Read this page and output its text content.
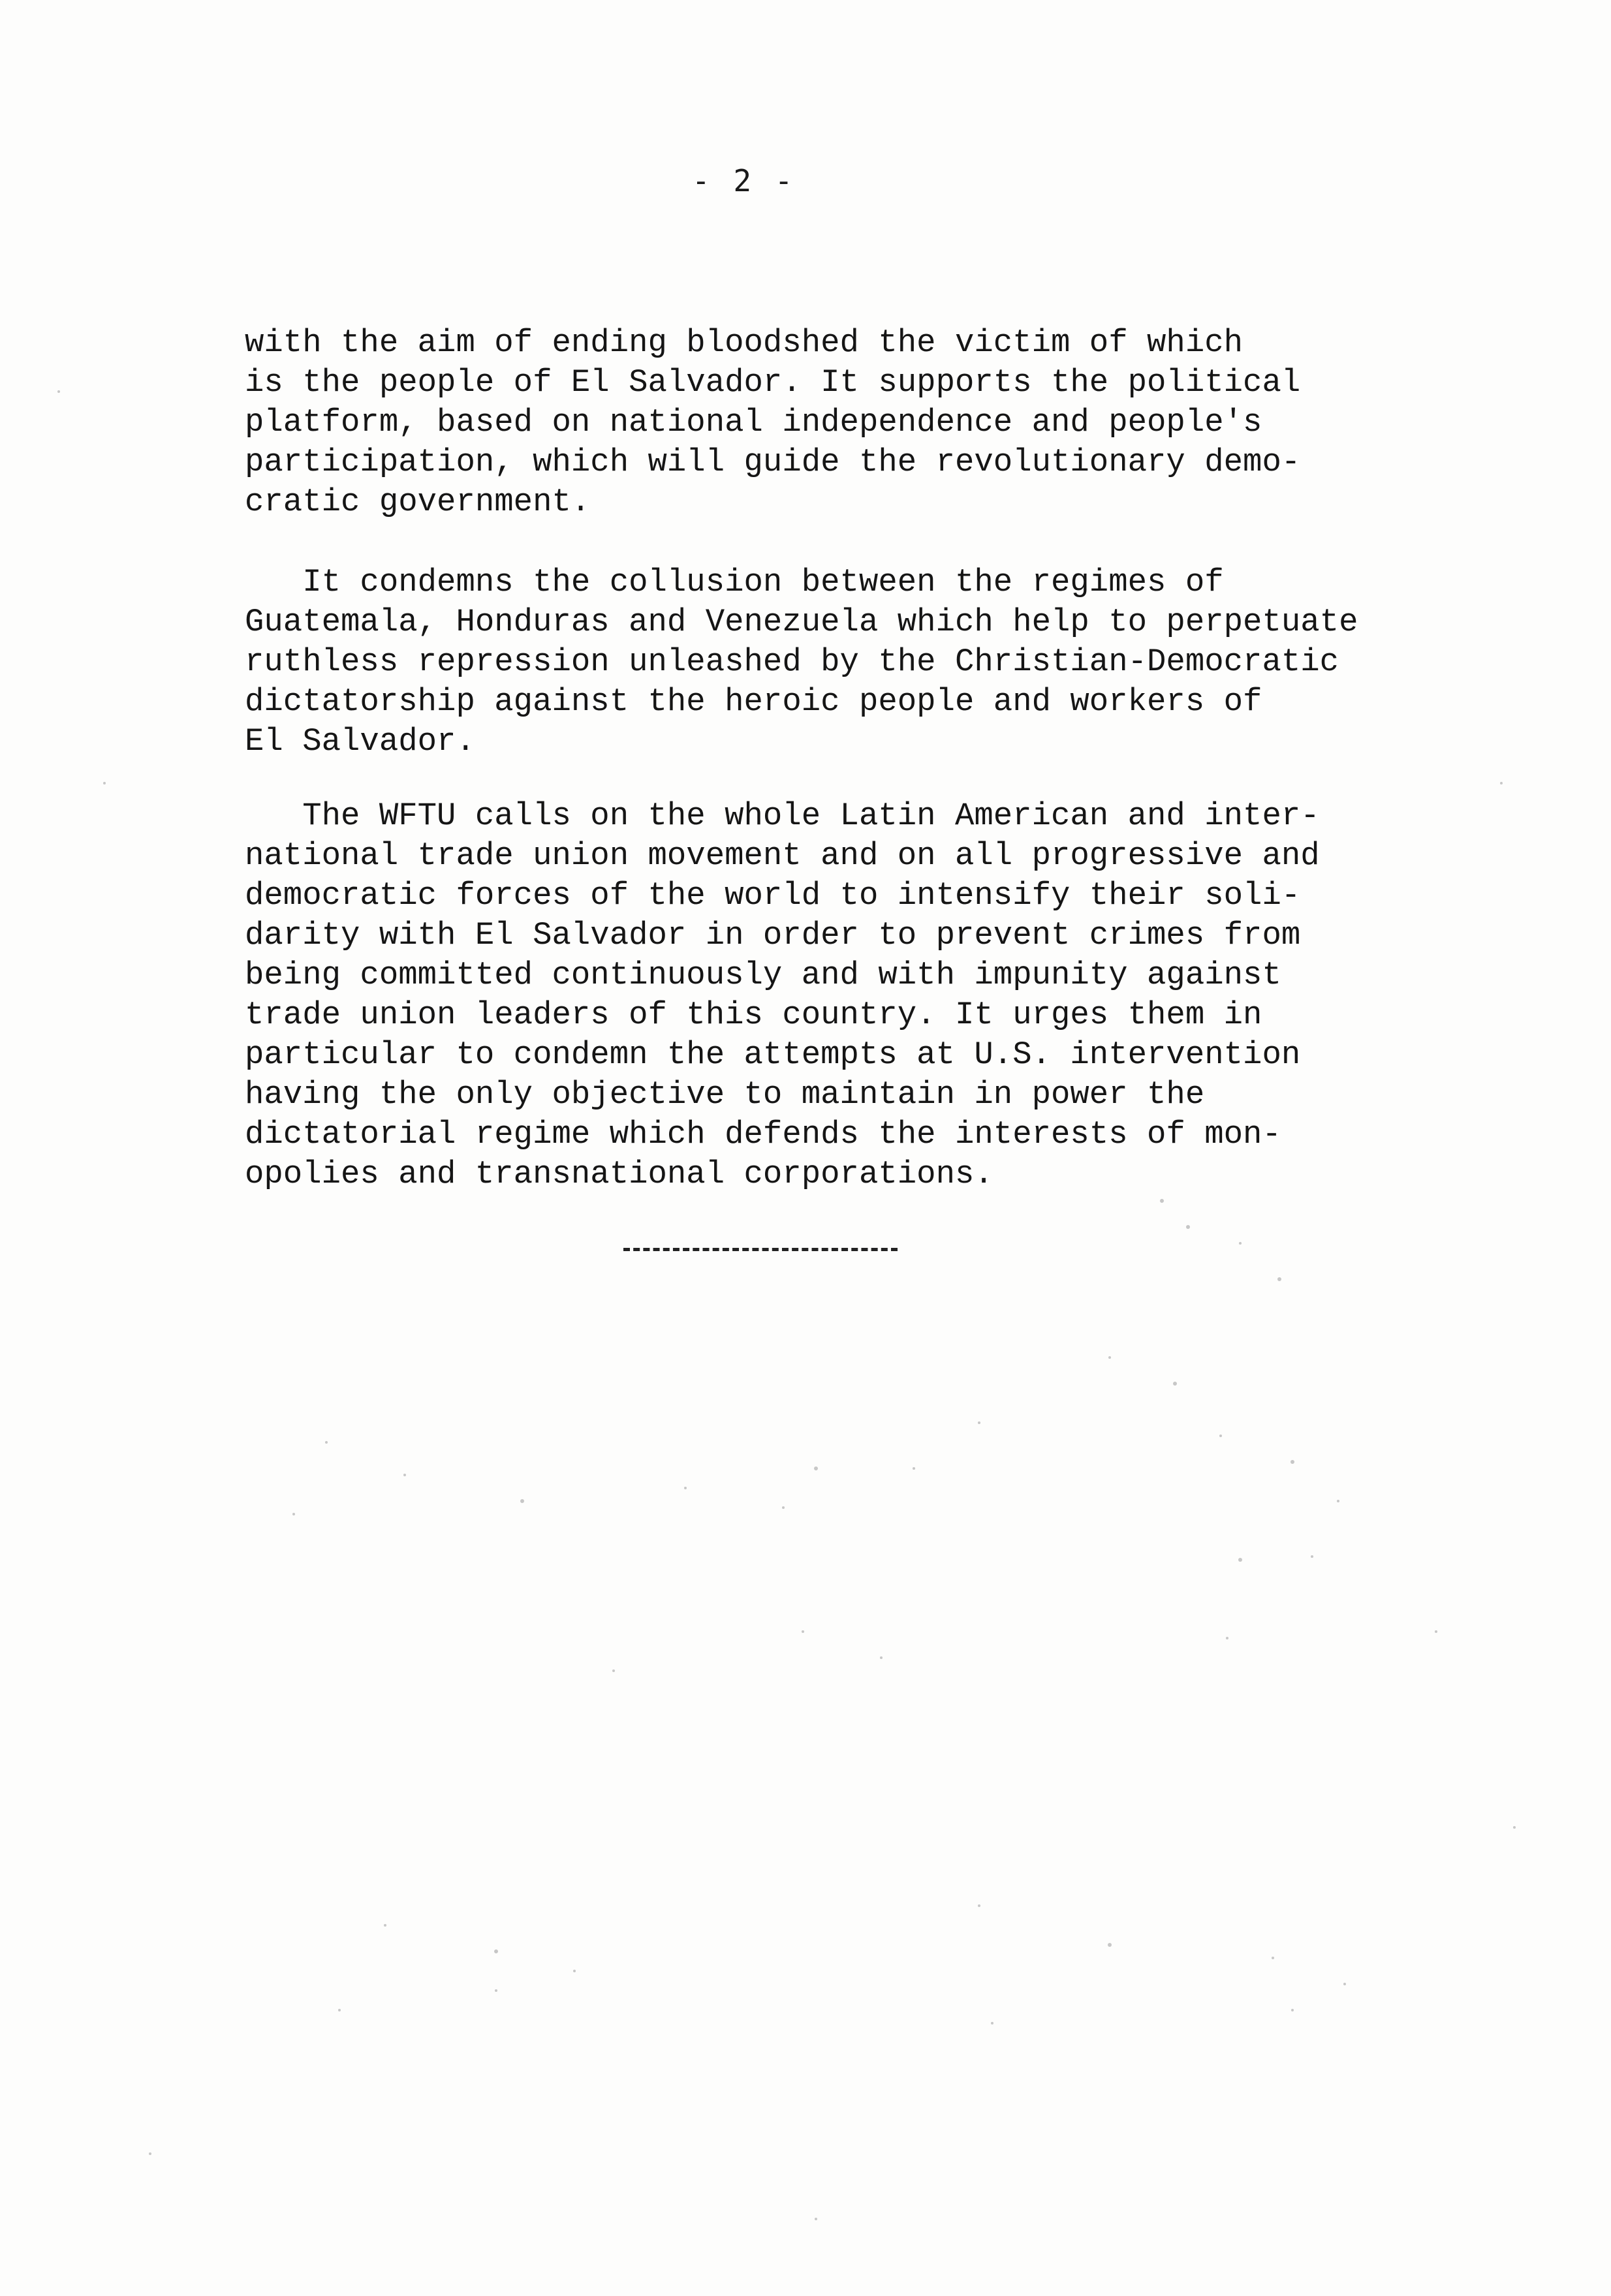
- 2 -
with the aim of ending bloodshed the victim of which
is the people of El Salvador. It supports the political
platform, based on national independence and people's
participation, which will guide the revolutionary demo-
cratic government.
It condemns the collusion between the regimes of
Guatemala, Honduras and Venezuela which help to perpetuate
ruthless repression unleashed by the Christian-Democratic
dictatorship against the heroic people and workers of
El Salvador.
The WFTU calls on the whole Latin American and inter-
national trade union movement and on all progressive and
democratic forces of the world to intensify their soli-
darity with El Salvador in order to prevent crimes from
being committed continuously and with impunity against
trade union leaders of this country. It urges them in
particular to condemn the attempts at U.S. intervention
having the only objective to maintain in power the
dictatorial regime which defends the interests of mon-
opolies and transnational corporations.
